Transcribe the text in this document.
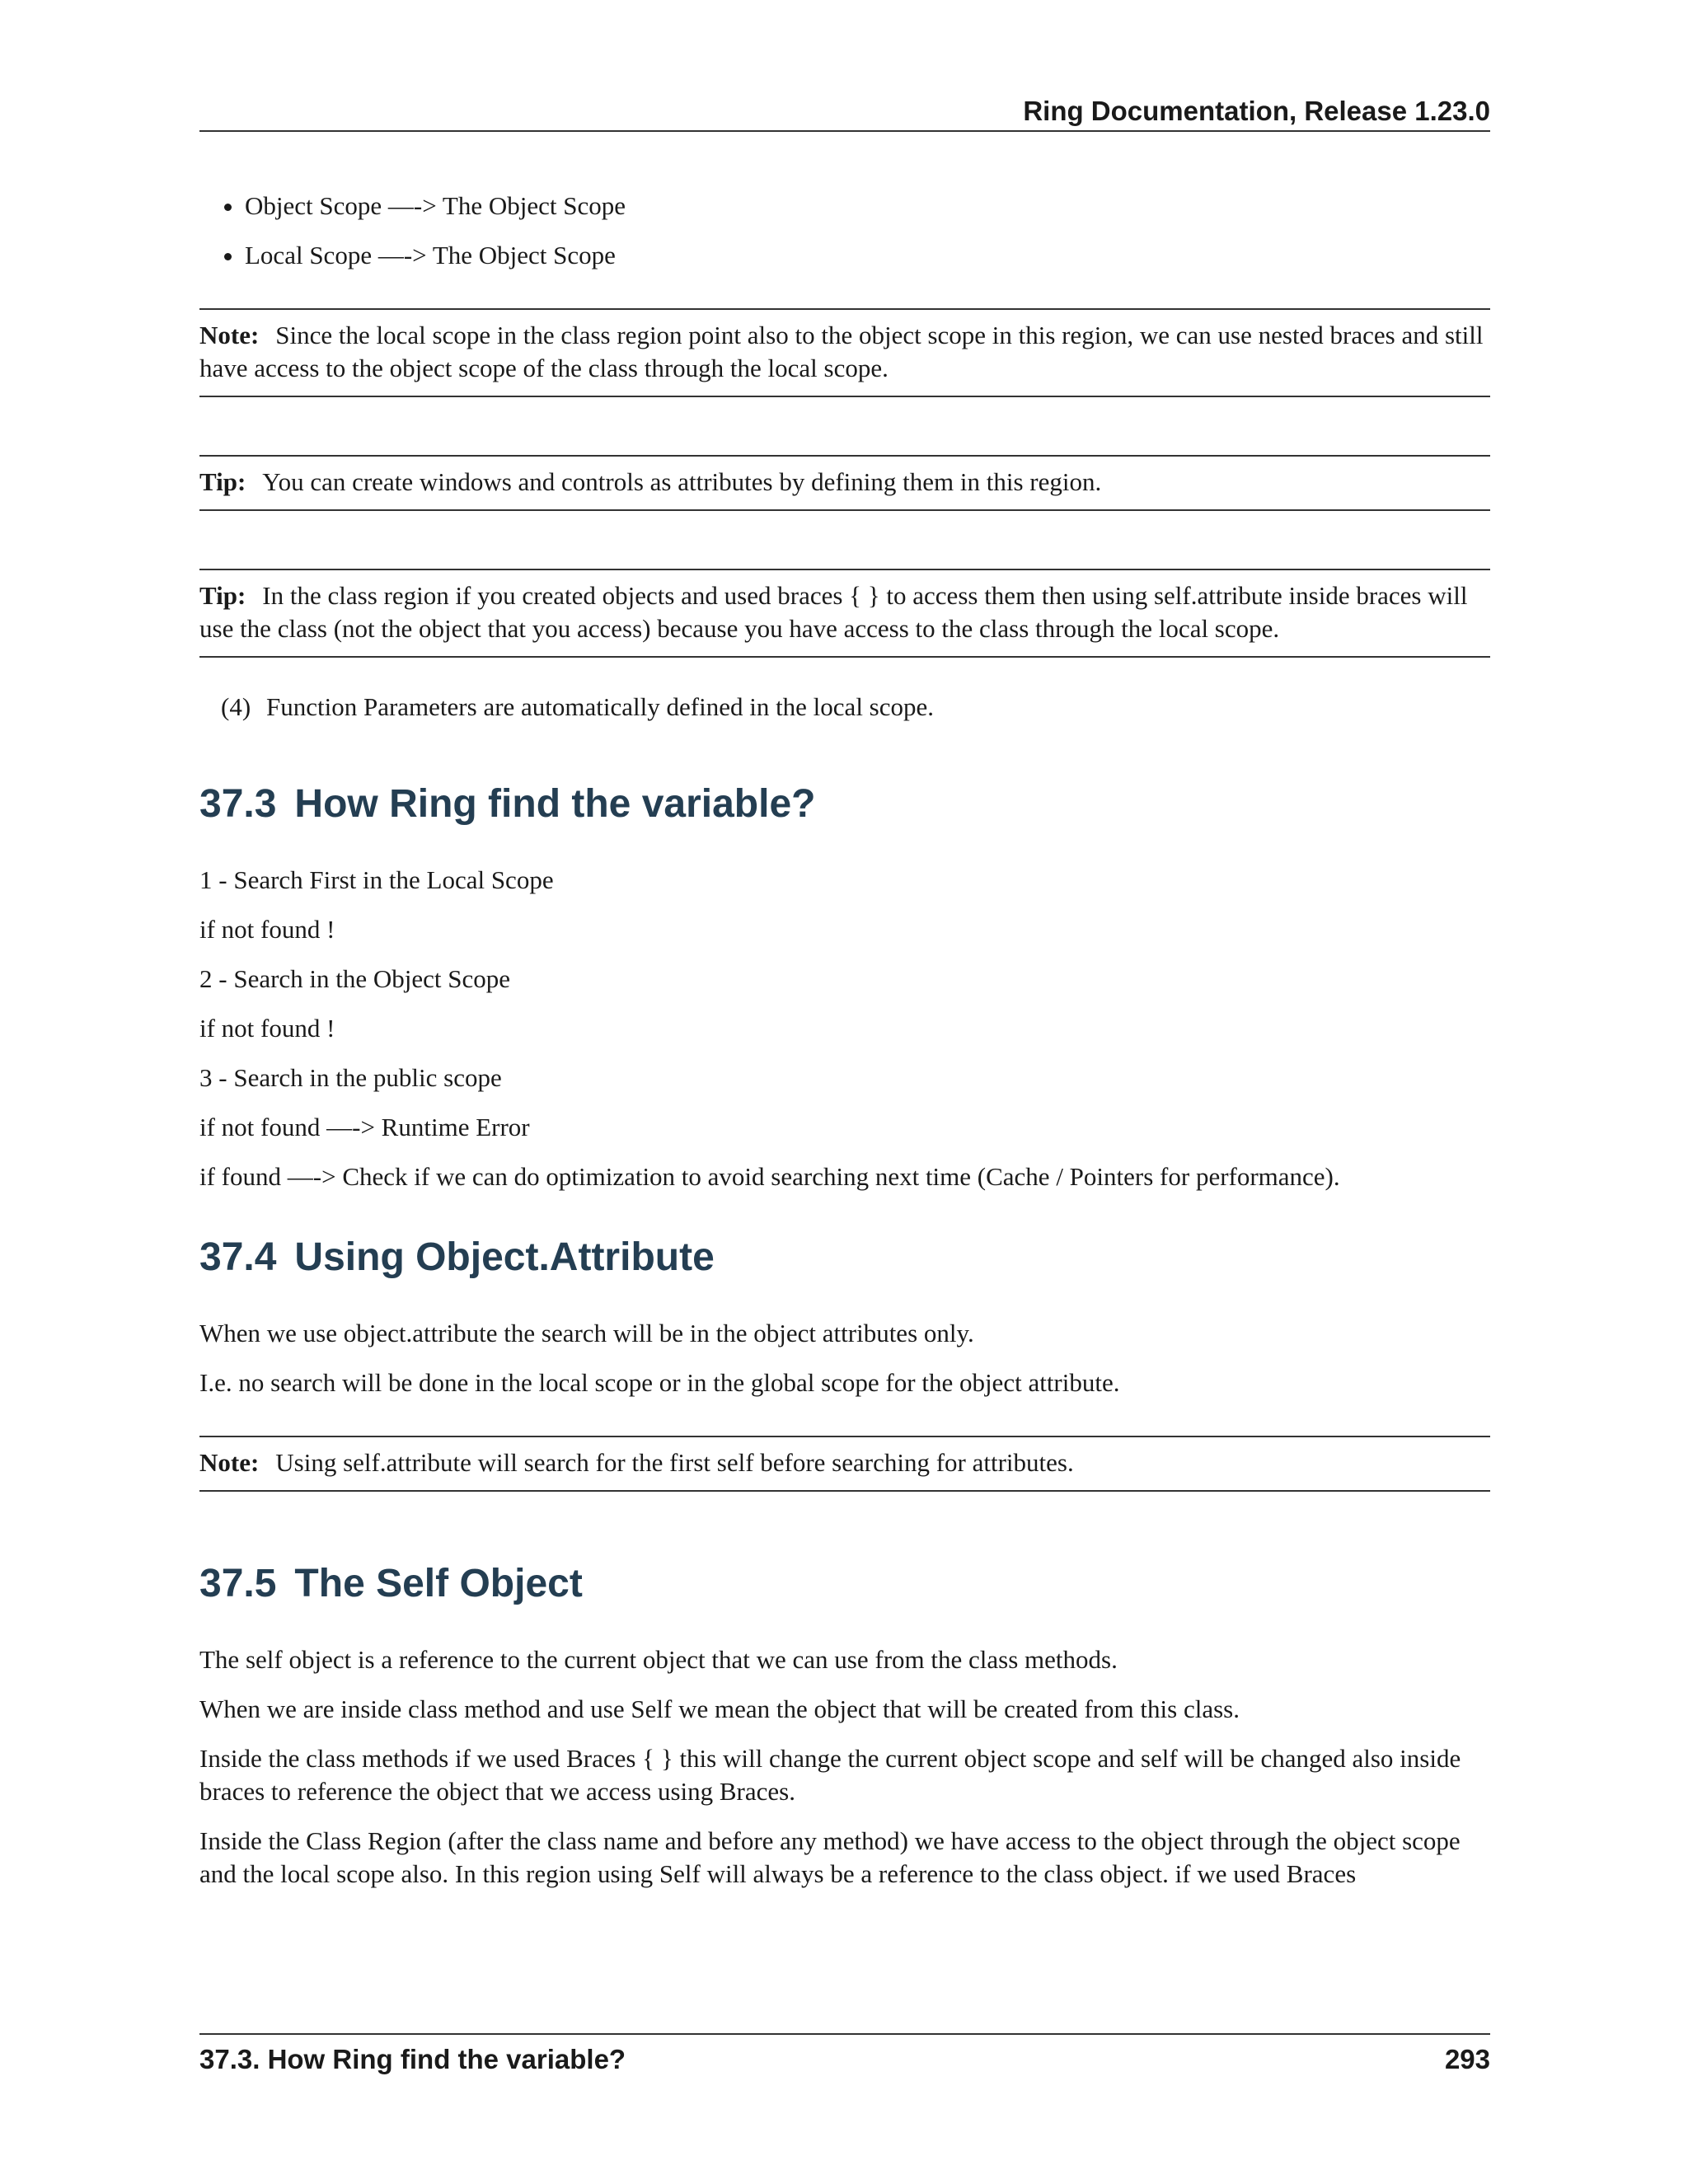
Ring Documentation, Release 1.23.0
• Object Scope —-> The Object Scope
• Local Scope —-> The Object Scope

Note: Since the local scope in the class region point also to the object scope in this region, we can use nested braces and still have access to the object scope of the class through the local scope.

Tip: You can create windows and controls as attributes by defining them in this region.

Tip: In the class region if you created objects and used braces { } to access them then using self.attribute inside braces will use the class (not the object that you access) because you have access to the class through the local scope.

(4) Function Parameters are automatically defined in the local scope.
37.3 How Ring find the variable?

1 - Search First in the Local Scope

if not found !

2 - Search in the Object Scope

if not found !

3 - Search in the public scope

if not found —-> Runtime Error

if found —-> Check if we can do optimization to avoid searching next time (Cache / Pointers for performance).

37.4 Using Object.Attribute

When we use object.attribute the search will be in the object attributes only.

I.e. no search will be done in the local scope or in the global scope for the object attribute.

Note: Using self.attribute will search for the first self before searching for attributes.

37.5 The Self Object

The self object is a reference to the current object that we can use from the class methods.

When we are inside class method and use Self we mean the object that will be created from this class.

Inside the class methods if we used Braces { } this will change the current object scope and self will be changed also inside braces to reference the object that we access using Braces.

Inside the Class Region (after the class name and before any method) we have access to the object through the object scope and the local scope also. In this region using Self will always be a reference to the class object. if we used Braces

37.3. How Ring find the variable?	293
